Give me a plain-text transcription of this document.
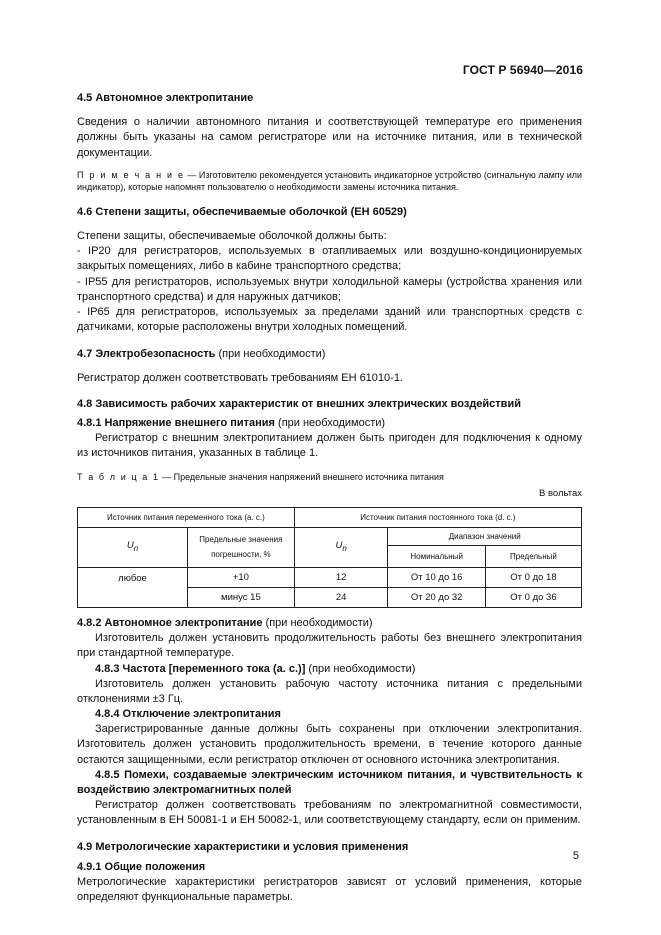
ГОСТ Р 56940—2016
4.5 Автономное электропитание

Сведения о наличии автономного питания и соответствующей температуре его применения должны быть указаны на самом регистраторе или на источнике питания, или в технической документации.

П р и м е ч а н и е — Изготовителю рекомендуется установить индикаторное устройство (сигнальную лампу или индикатор), которые напомнят пользователю о необходимости замены источника питания.

4.6 Степени защиты, обеспечиваемые оболочкой (ЕН 60529)

Степени защиты, обеспечиваемые оболочкой должны быть:

- IP20 для регистраторов, используемых в отапливаемых или воздушно-кондиционируемых закрытых помещениях, либо в кабине транспортного средства;

- IP55 для регистраторов, используемых внутри холодильной камеры (устройства хранения или транспортного средства) и для наружных датчиков;

- IP65 для регистраторов, используемых за пределами зданий или транспортных средств с датчиками, которые расположены внутри холодных помещений.

4.7 Электробезопасность (при необходимости)

Регистратор должен соответствовать требованиям ЕН 61010-1.

4.8 Зависимость рабочих характеристик от внешних электрических воздействий
4.8.1 Напряжение внешнего питания (при необходимости)

Регистратор с внешним электропитанием должен быть пригоден для подключения к одному из источников питания, указанных в таблице 1.

Т а б л и ц а 1 — Предельные значения напряжений внешнего источника питания
В вольтах
Источник питания переменного тока (а. с.)		Источник питания постоянного тока (d. с.)		
$U_n$	Предельные значения погрешности, %	$U_n$	Диапазон значений	
			Номинальный	Предельный
любое	+10	12	От 10 до 16	От 0 до 18
	минус 15	24	От 20 до 32	От 0 до 36
4.8.2 Автономное электропитание (при необходимости)

Изготовитель должен установить продолжительность работы без внешнего электропитания при стандартной температуре.

4.8.3 Частота [переменного тока (а. с.)] (при необходимости)

Изготовитель должен установить рабочую частоту источника питания с предельными отклонениями ±3 Гц.

4.8.4 Отключение электропитания

Зарегистрированные данные должны быть сохранены при отключении электропитания. Изготовитель должен установить продолжительность времени, в течение которого данные остаются защищенными, если регистратор отключен от основного источника электропитания.

4.8.5 Помехи, создаваемые электрическим источником питания, и чувствительность к воздействию электромагнитных полей

Регистратор должен соответствовать требованиям по электромагнитной совместимости, установленным в ЕН 50081-1 и ЕН 50082-1, или соответствующему стандарту, если он применим.

4.9 Метрологические характеристики и условия применения
4.9.1 Общие положения

Метрологические характеристики регистраторов зависят от условий применения, которые определяют функциональные параметры.

5
